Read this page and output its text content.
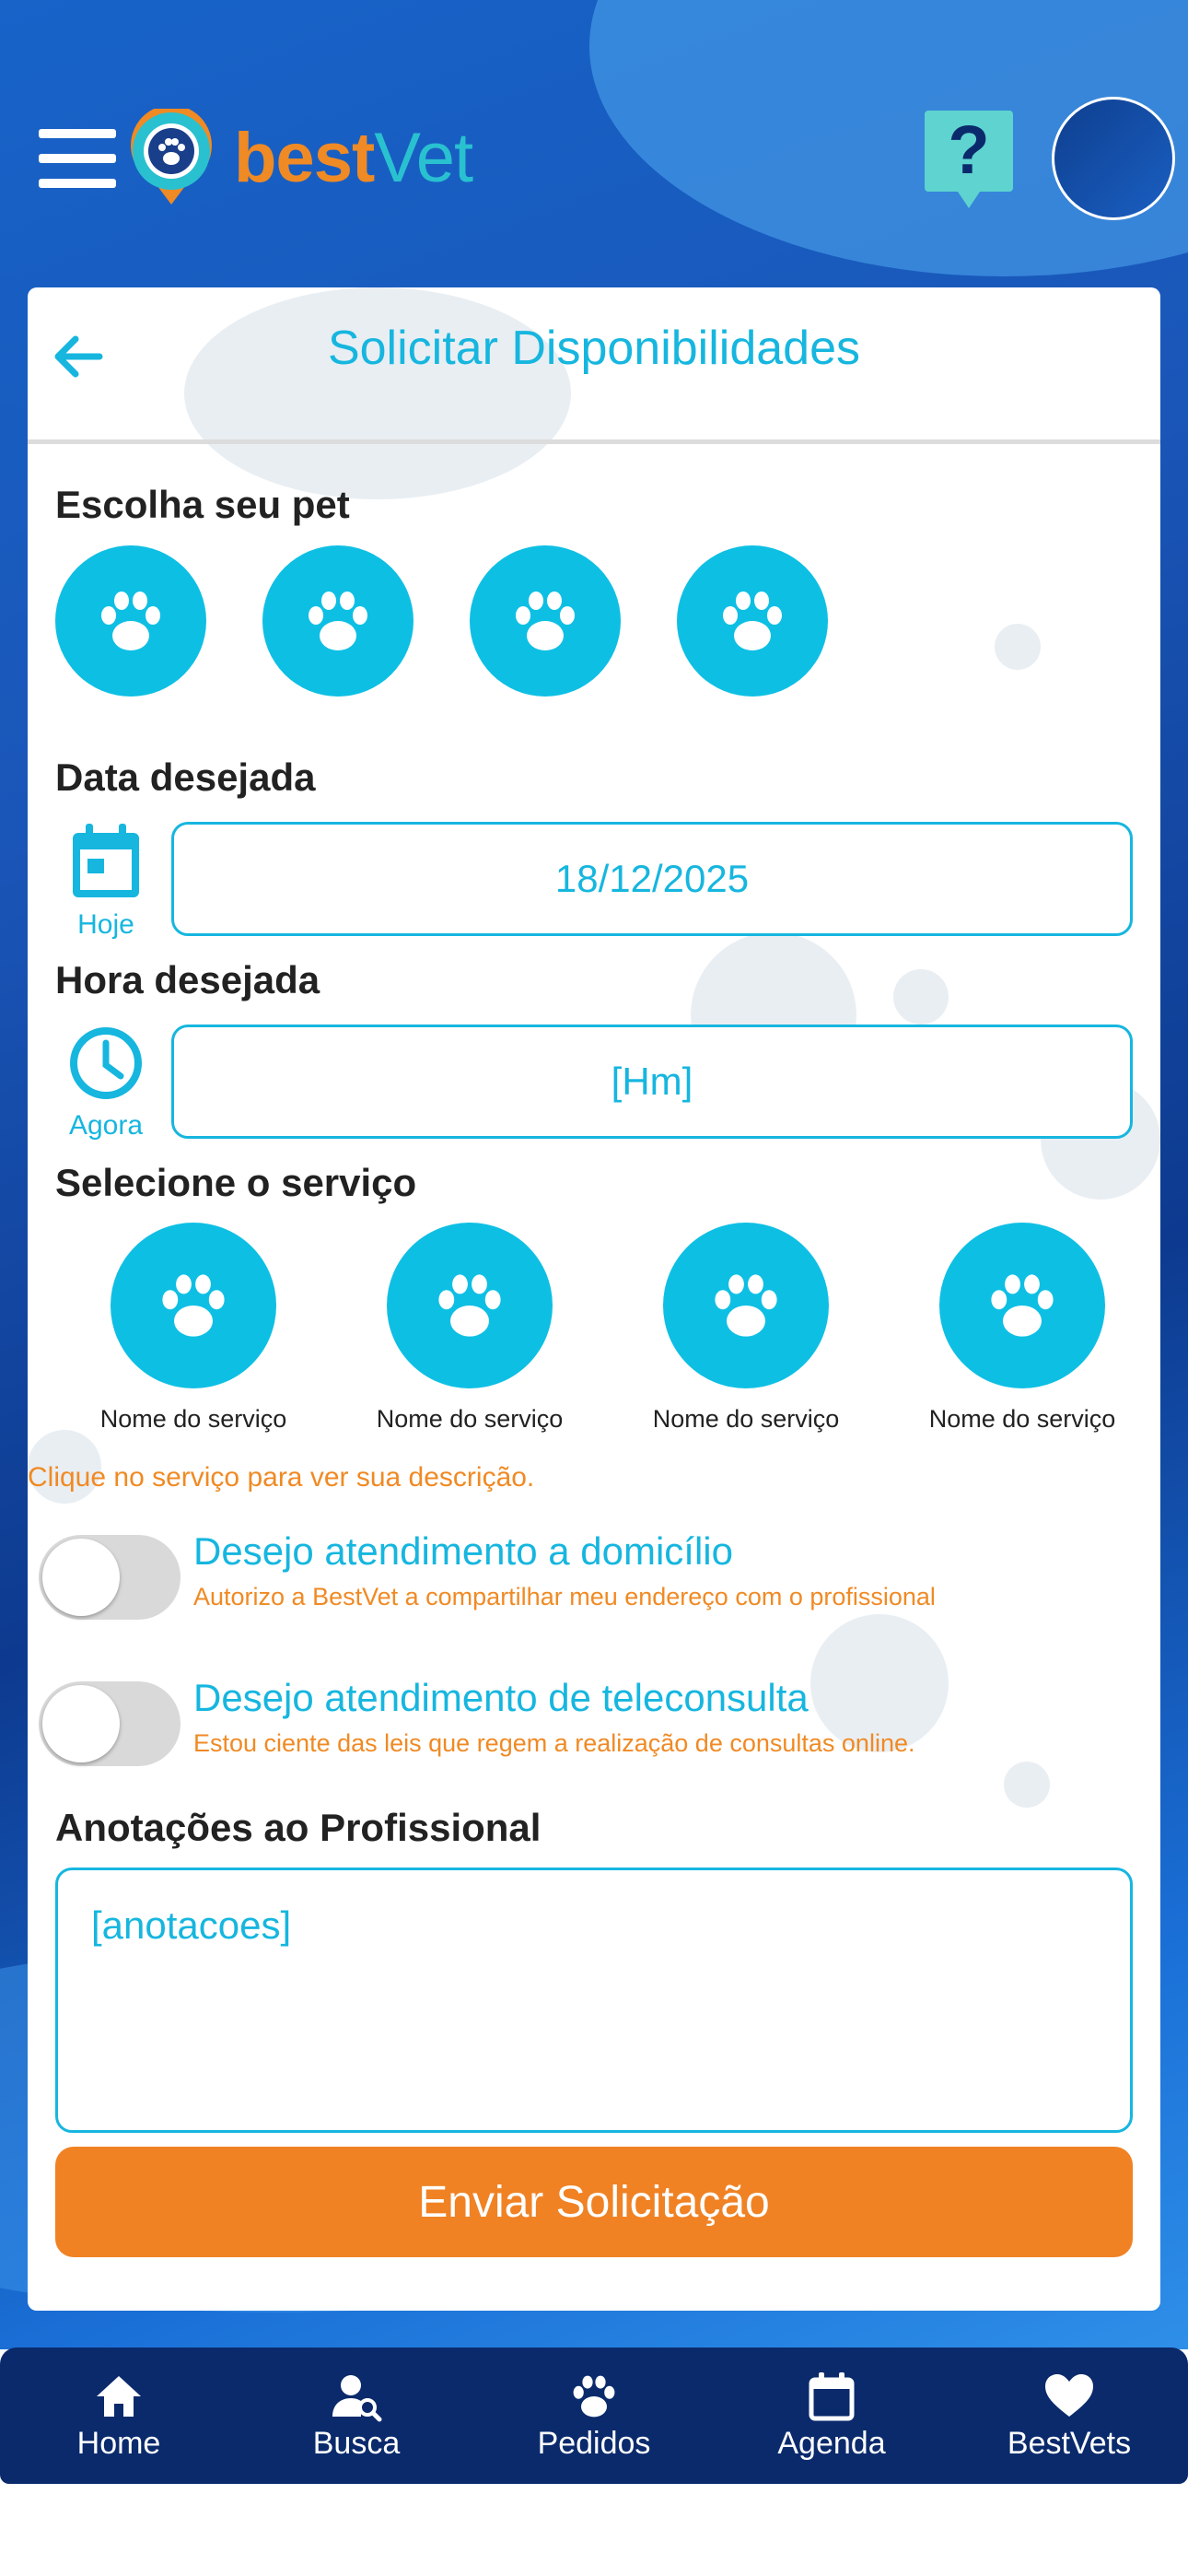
bestVet	?
Solicitar Disponibilidades
Escolha seu pet
Data desejada
Hoje
18/12/2025
Hora desejada
Agora
[Hm]
Selecione o serviço
Nome do serviço	Nome do serviço	Nome do serviço	Nome do serviço
Clique no serviço para ver sua descrição.
Desejo atendimento a domicílio
Autorizo a BestVet a compartilhar meu endereço com o profissional
Desejo atendimento de teleconsulta
Estou ciente das leis que regem a realização de consultas online.
Anotações ao Profissional
[anotacoes]
Enviar Solicitação
Home	Busca	Pedidos	Agenda	BestVets
